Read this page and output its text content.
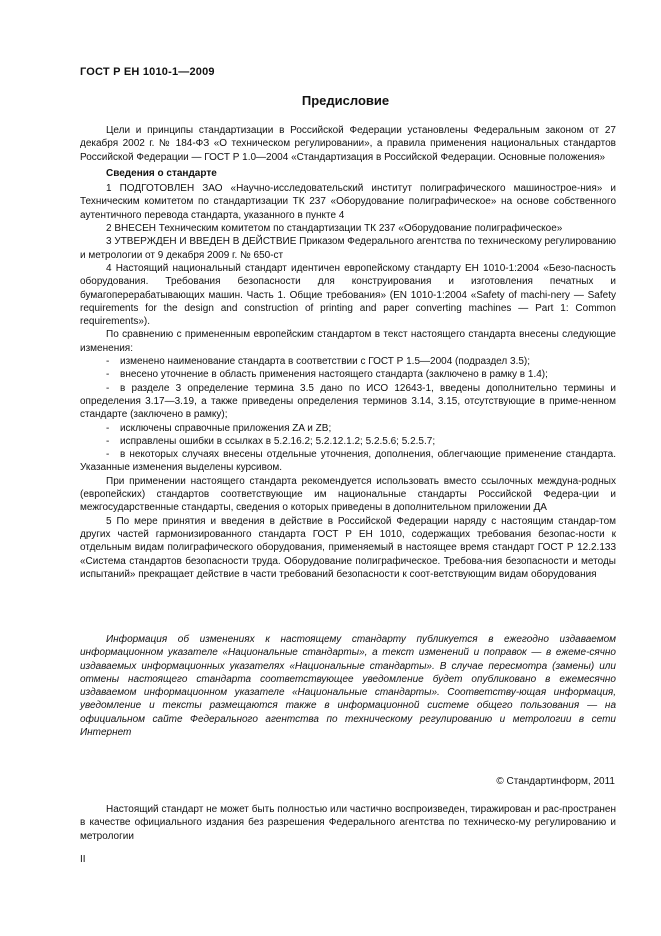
ГОСТ Р ЕН 1010-1—2009
Предисловие

Цели и принципы стандартизации в Российской Федерации установлены Федеральным законом от 27 декабря 2002 г. № 184-ФЗ «О техническом регулировании», а правила применения национальных стандартов Российской Федерации — ГОСТ Р 1.0—2004 «Стандартизация в Российской Федерации. Основные положения»

Сведения о стандарте

1 ПОДГОТОВЛЕН ЗАО «Научно-исследовательский институт полиграфического машинострое-ния» и Техническим комитетом по стандартизации ТК 237 «Оборудование полиграфическое» на основе собственного аутентичного перевода стандарта, указанного в пункте 4

2 ВНЕСЕН Техническим комитетом по стандартизации ТК 237 «Оборудование полиграфическое»

3 УТВЕРЖДЕН И ВВЕДЕН В ДЕЙСТВИЕ Приказом Федерального агентства по техническому регулированию и метрологии от 9 декабря 2009 г. № 650-ст

4 Настоящий национальный стандарт идентичен европейскому стандарту ЕН 1010-1:2004 «Безо-пасность оборудования. Требования безопасности для конструирования и изготовления печатных и бумагоперерабатывающих машин. Часть 1. Общие требования» (EN 1010-1:2004 «Safety of machi-nery — Safety requirements for the design and construction of printing and paper converting machines — Part 1: Common requirements»).

По сравнению с примененным европейским стандартом в текст настоящего стандарта внесены следующие изменения:

- изменено наименование стандарта в соответствии с ГОСТ Р 1.5—2004 (подраздел 3.5);

- внесено уточнение в область применения настоящего стандарта (заключено в рамку в 1.4);

- в разделе 3 определение термина 3.5 дано по ИСО 12643-1, введены дополнительно термины и определения 3.17—3.19, а также приведены определения терминов 3.14, 3.15, отсутствующие в приме-ненном стандарте (заключено в рамку);

- исключены справочные приложения ZA и ZB;

- исправлены ошибки в ссылках в 5.2.16.2; 5.2.12.1.2; 5.2.5.6; 5.2.5.7;

- в некоторых случаях внесены отдельные уточнения, дополнения, облегчающие применение стандарта. Указанные изменения выделены курсивом.

При применении настоящего стандарта рекомендуется использовать вместо ссылочных междуна-родных (европейских) стандартов соответствующие им национальные стандарты Российской Федера-ции и межгосударственные стандарты, сведения о которых приведены в дополнительном приложении ДА

5 По мере принятия и введения в действие в Российской Федерации наряду с настоящим стандар-том других частей гармонизированного стандарта ГОСТ Р ЕН 1010, содержащих требования безопас-ности к отдельным видам полиграфического оборудования, применяемый в настоящее время стандарт ГОСТ Р 12.2.133 «Система стандартов безопасности труда. Оборудование полиграфическое. Требова-ния безопасности и методы испытаний» прекращает действие в части требований безопасности к соот-ветствующим видам оборудования

Информация об изменениях к настоящему стандарту публикуется в ежегодно издаваемом информационном указателе «Национальные стандарты», а текст изменений и поправок — в ежеме-сячно издаваемых информационных указателях «Национальные стандарты». В случае пересмотра (замены) или отмены настоящего стандарта соответствующее уведомление будет опубликовано в ежемесячно издаваемом информационном указателе «Национальные стандарты». Соответству-ющая информация, уведомление и тексты размещаются также в информационной системе общего пользования — на официальном сайте Федерального агентства по техническому регулированию и метрологии в сети Интернет

© Стандартинформ, 2011

Настоящий стандарт не может быть полностью или частично воспроизведен, тиражирован и рас-пространен в качестве официального издания без разрешения Федерального агентства по техническо-му регулированию и метрологии

II
